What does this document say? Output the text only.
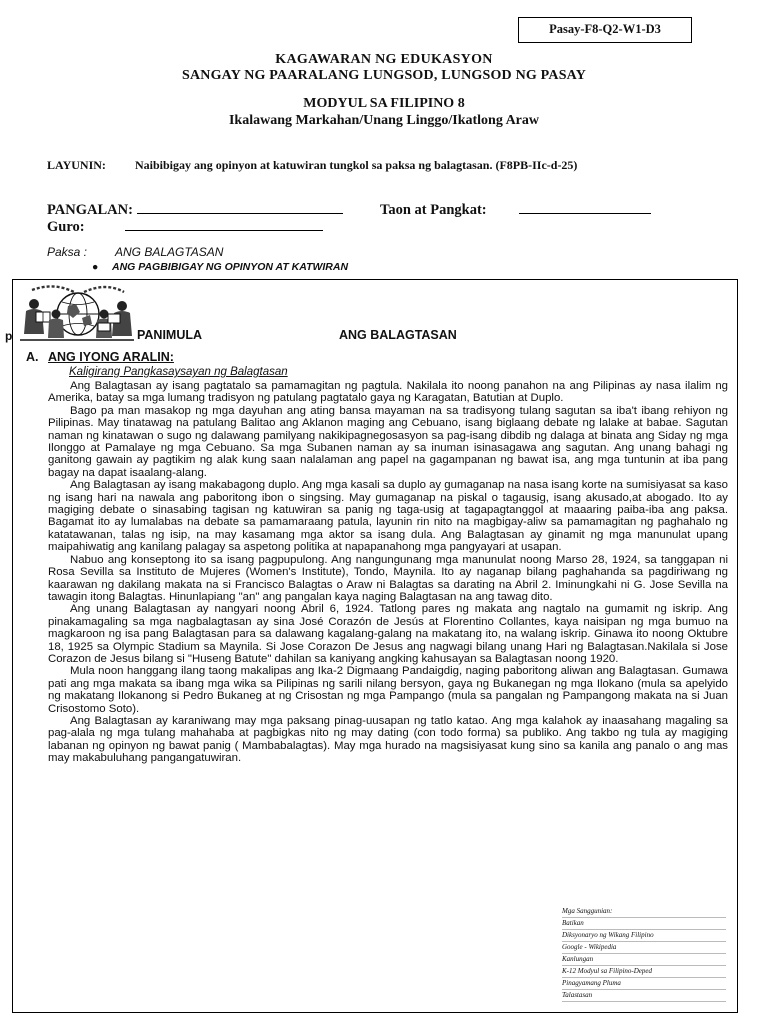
Pasay-F8-Q2-W1-D3
KAGAWARAN NG EDUKASYON
SANGAY NG PAARALANG LUNGSOD, LUNGSOD NG PASAY
MODYUL SA FILIPINO 8
Ikalawang Markahan/Unang Linggo/Ikatlong Araw
LAYUNIN: Naibibigay ang opinyon at katuwiran tungkol sa paksa ng balagtasan. (F8PB-IIc-d-25)
PANGALAN:	Taon at Pangkat:
Guro:
Paksa : ANG BALAGTASAN
● ANG PAGBIBIGAY NG OPINYON AT KATWIRAN
p	PANIMULA	ANG BALAGTASAN
A. ANG IYONG ARALIN:
Kaligirang Pangkasaysayan ng Balagtasan

Ang Balagtasan ay isang pagtatalo sa pamamagitan ng pagtula. Nakilala ito noong panahon na ang Pilipinas ay nasa ilalim ng Amerika, batay sa mga lumang tradisyon ng patulang pagtatalo gaya ng Karagatan, Batutian at Duplo.

Bago pa man masakop ng mga dayuhan ang ating bansa mayaman na sa tradisyong tulang sagutan sa iba't ibang rehiyon ng Pilipinas. May tinatawag na patulang Balitao ang Aklanon maging ang Cebuano, isang biglaang debate ng lalake at babae. Sagutan naman ng kinatawan o sugo ng dalawang pamilyang nakikipagnegosasyon sa pag-isang dibdib ng dalaga at binata ang Siday ng mga Ilonggo at Pamalaye ng mga Cebuano. Sa mga Subanen naman ay sa inuman isinasagawa ang sagutan. Ang unang bahagi ng ganitong gawain ay pagtikim ng alak kung saan nalalaman ang papel na gagampanan ng bawat isa, ang mga tuntunin at iba pang bagay na dapat isaalang-alang.

Ang Balagtasan ay isang makabagong duplo. Ang mga kasali sa duplo ay gumaganap na nasa isang korte na sumisiyasat sa kaso ng isang hari na nawala ang paboritong ibon o singsing. May gumaganap na piskal o tagausig, isang akusado,at abogado. Ito ay magiging debate o sinasabing tagisan ng katuwiran sa panig ng taga-usig at tagapagtanggol at maaaring paiba-iba ang paksa. Bagamat ito ay lumalabas na debate sa pamamaraang patula, layunin rin nito na magbigay-aliw sa pamamagitan ng paghahalo ng katatawanan, talas ng isip, na may kasamang mga aktor sa isang dula. Ang Balagtasan ay ginamit ng mga manunulat upang maipahiwatig ang kanilang palagay sa aspetong politika at napapanahong mga pangyayari at usapan.

Nabuo ang konseptong ito sa isang pagpupulong. Ang nangungunang mga manunulat noong Marso 28, 1924, sa tanggapan ni Rosa Sevilla sa Instituto de Mujeres (Women's Institute), Tondo, Maynila. Ito ay naganap bilang paghahanda sa pagdiriwang ng kaarawan ng dakilang makata na si Francisco Balagtas o Araw ni Balagtas sa darating na Abril 2. Iminungkahi ni G. Jose Sevilla na tawagin itong Balagtas. Hinunlapiang "an" ang pangalan kaya naging Balagtasan na ang tawag dito.

Ang unang Balagtasan ay nangyari noong Abril 6, 1924. Tatlong pares ng makata ang nagtalo na gumamit ng iskrip. Ang pinakamagaling sa mga nagbalagtasan ay sina José Corazón de Jesús at Florentino Collantes, kaya naisipan ng mga bumuo na magkaroon ng isa pang Balagtasan para sa dalawang kagalang-galang na makatang ito, na walang iskrip. Ginawa ito noong Oktubre 18, 1925 sa Olympic Stadium sa Maynila. Si Jose Corazon De Jesus ang nagwagi bilang unang Hari ng Balagtasan.Nakilala si Jose Corazon de Jesus bilang si "Huseng Batute" dahilan sa kaniyang angking kahusayan sa Balagtasan noong 1920.

Mula noon hanggang ilang taong makalipas ang Ika-2 Digmaang Pandaigdig, naging paboritong aliwan ang Balagtasan. Gumawa pati ang mga makata sa ibang mga wika sa Pilipinas ng sarili nilang bersyon, gaya ng Bukanegan ng mga Ilokano (mula sa apelyido ng makatang Ilokanong si Pedro Bukaneg at ng Crisostan ng mga Pampango (mula sa pangalan ng Pampangong makata na si Juan Crisostomo Soto).

Ang Balagtasan ay karaniwang may mga paksang pinag-uusapan ng tatlo katao. Ang mga kalahok ay inaasahang magaling sa pag-alala ng mga tulang mahahaba at pagbigkas nito ng may dating (con todo forma) sa publiko. Ang takbo ng tula ay magiging labanan ng opinyon ng bawat panig ( Mambabalagtas). May mga hurado na magsisiyasat kung sino sa kanila ang panalo o ang mas may makabuluhang pangangatuwiran.

Mga Sanggunian:
Batikan
Diksyonaryo ng Wikang Filipino
Google - Wikipedia
Kanlungan
K-12 Modyul sa Filipino-Deped
Pinagyamang Pluma
Talastasan
